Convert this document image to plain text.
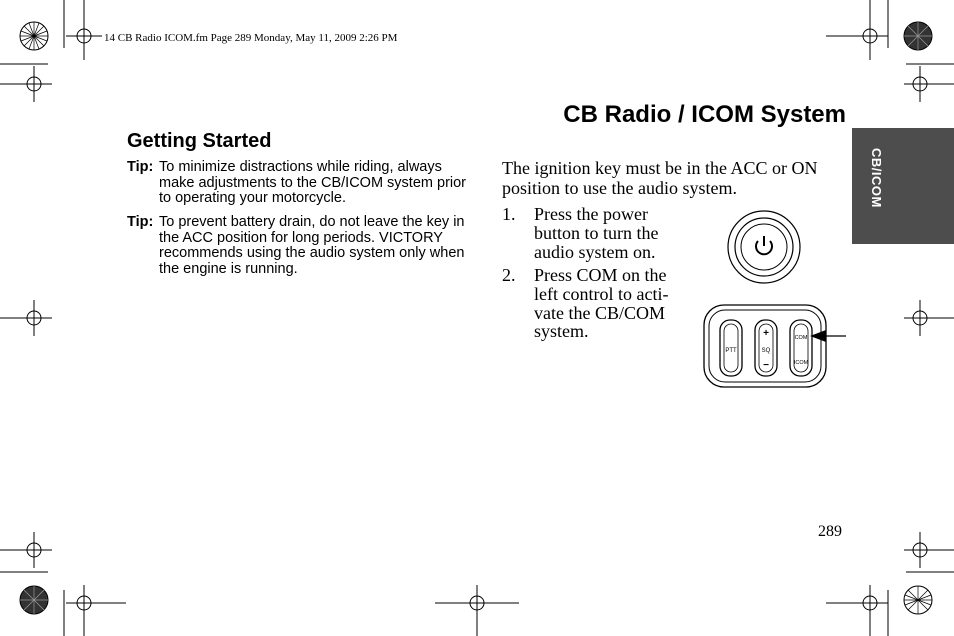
14 CB Radio ICOM.fm Page 289 Monday, May 11, 2009 2:26 PM
CB Radio / ICOM System
CB/ICOM
Getting Started
Tip: To minimize distractions while riding, always make adjustments to the CB/ICOM system prior to operating your motorcycle.
Tip: To prevent battery drain, do not leave the key in the ACC position for long periods. VICTORY recommends using the audio system only when the engine is running.
The ignition key must be in the ACC or ON position to use the audio system.
1. Press the power button to turn the audio system on.
2. Press COM on the left control to acti-vate the CB/COM system.
PTT
+
SQ
−
COM
ICOM
289
